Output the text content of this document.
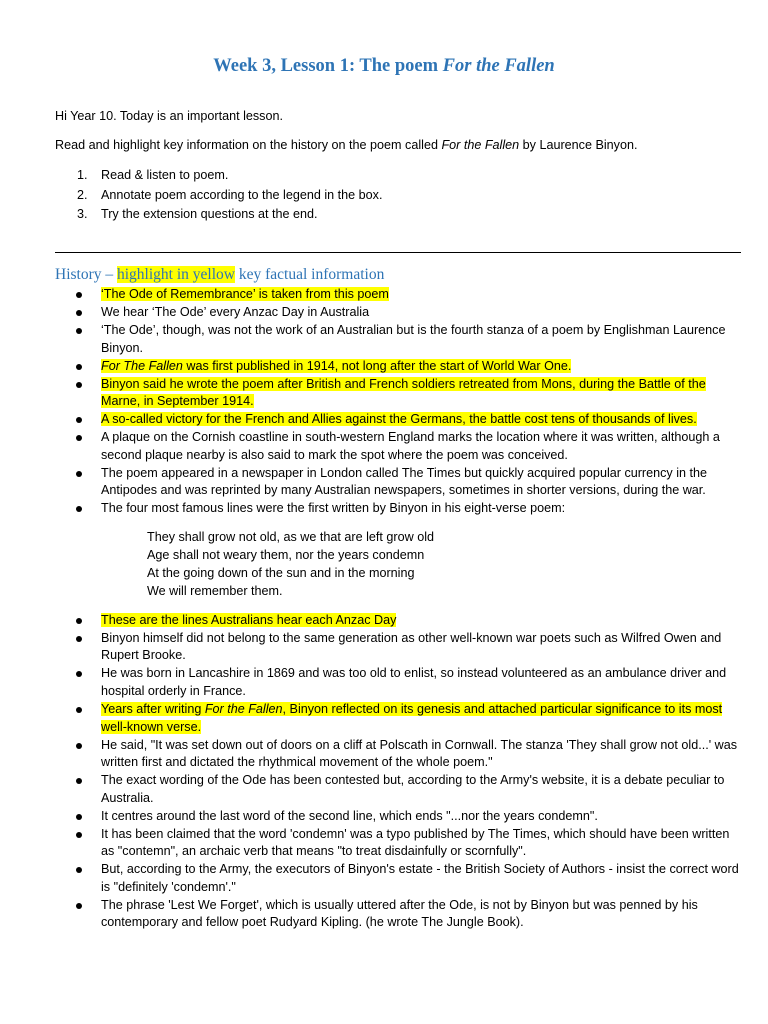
Week 3, Lesson 1: The poem For the Fallen
Hi Year 10. Today is an important lesson.
Read and highlight key information on the history on the poem called For the Fallen by Laurence Binyon.
1.	Read & listen to poem.
2.	Annotate poem according to the legend in the box.
3.	Try the extension questions at the end.
History – highlight in yellow key factual information
‘The Ode of Remembrance’ is taken from this poem
We hear ‘The Ode’ every Anzac Day in Australia
‘The Ode’, though, was not the work of an Australian but is the fourth stanza of a poem by Englishman Laurence Binyon.
For The Fallen was first published in 1914, not long after the start of World War One.
Binyon said he wrote the poem after British and French soldiers retreated from Mons, during the Battle of the Marne, in September 1914.
A so-called victory for the French and Allies against the Germans, the battle cost tens of thousands of lives.
A plaque on the Cornish coastline in south-western England marks the location where it was written, although a second plaque nearby is also said to mark the spot where the poem was conceived.
The poem appeared in a newspaper in London called The Times but quickly acquired popular currency in the Antipodes and was reprinted by many Australian newspapers, sometimes in shorter versions, during the war.
The four most famous lines were the first written by Binyon in his eight-verse poem:
They shall grow not old, as we that are left grow old
Age shall not weary them, nor the years condemn
At the going down of the sun and in the morning
We will remember them.
These are the lines Australians hear each Anzac Day
Binyon himself did not belong to the same generation as other well-known war poets such as Wilfred Owen and Rupert Brooke.
He was born in Lancashire in 1869 and was too old to enlist, so instead volunteered as an ambulance driver and hospital orderly in France.
Years after writing For the Fallen, Binyon reflected on its genesis and attached particular significance to its most well-known verse.
He said, "It was set down out of doors on a cliff at Polscath in Cornwall. The stanza 'They shall grow not old...' was written first and dictated the rhythmical movement of the whole poem."
The exact wording of the Ode has been contested but, according to the Army's website, it is a debate peculiar to Australia.
It centres around the last word of the second line, which ends "...nor the years condemn".
It has been claimed that the word 'condemn' was a typo published by The Times, which should have been written as "contemn", an archaic verb that means "to treat disdainfully or scornfully".
But, according to the Army, the executors of Binyon's estate - the British Society of Authors - insist the correct word is "definitely 'condemn'."
The phrase 'Lest We Forget', which is usually uttered after the Ode, is not by Binyon but was penned by his contemporary and fellow poet Rudyard Kipling. (he wrote The Jungle Book).
